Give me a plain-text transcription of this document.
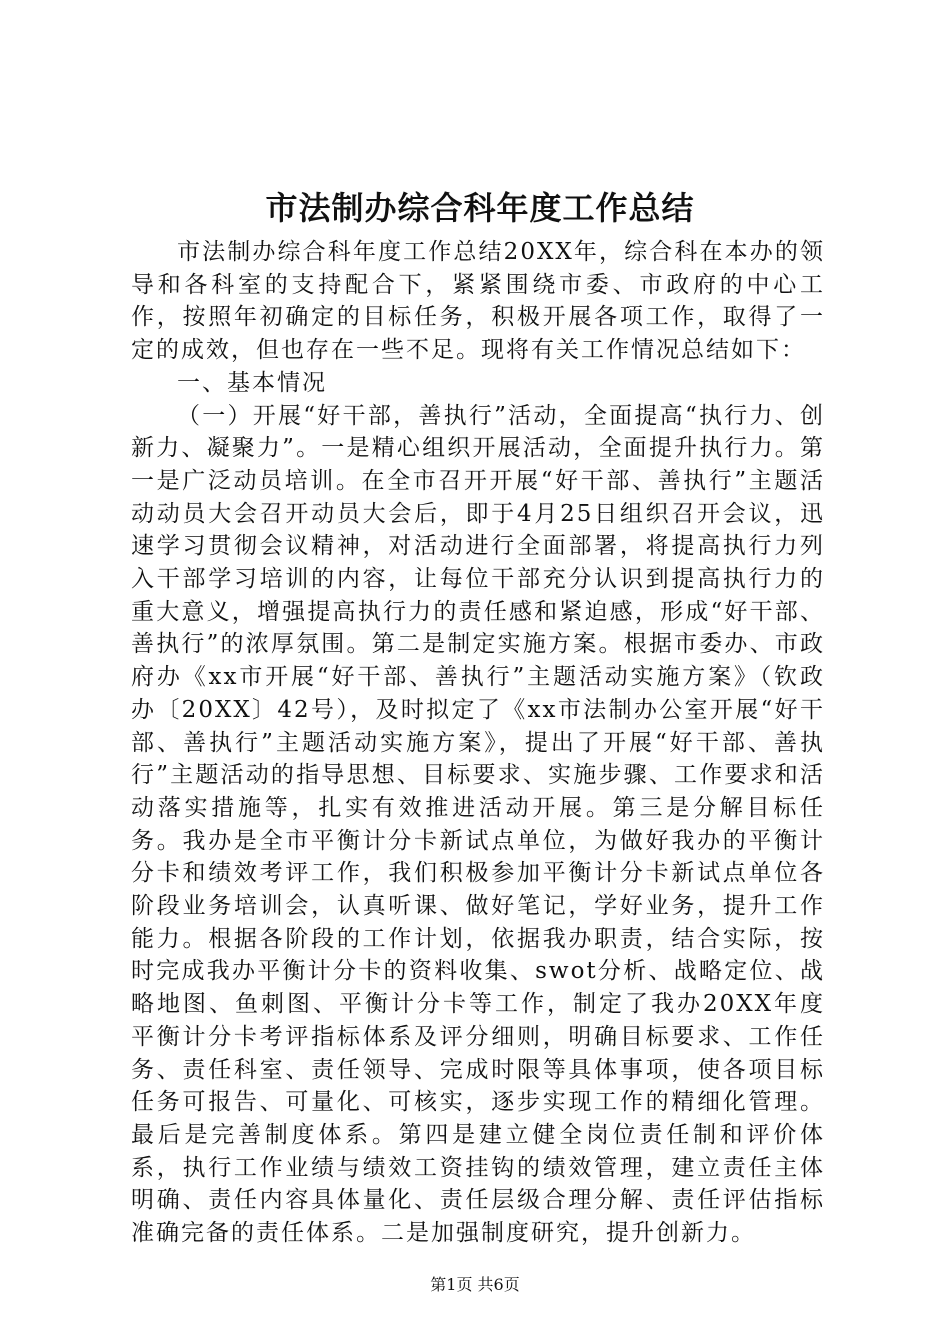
市法制办综合科年度工作总结

市法制办综合科年度工作总结20XX年，综合科在本办的领导和各科室的支持配合下，紧紧围绕市委、市政府的中心工作，按照年初确定的目标任务，积极开展各项工作，取得了一定的成效，但也存在一些不足。现将有关工作情况总结如下：

一、基本情况

（一）开展“好干部，善执行”活动，全面提高“执行力、创新力、凝聚力”。一是精心组织开展活动，全面提升执行力。第一是广泛动员培训。在全市召开开展“好干部、善执行”主题活动动员大会召开动员大会后，即于4月25日组织召开会议，迅速学习贯彻会议精神，对活动进行全面部署，将提高执行力列入干部学习培训的内容，让每位干部充分认识到提高执行力的重大意义，增强提高执行力的责任感和紧迫感，形成“好干部、善执行”的浓厚氛围。第二是制定实施方案。根据市委办、市政府办《xx市开展“好干部、善执行”主题活动实施方案》（钦政办〔20XX〕42号），及时拟定了《xx市法制办公室开展“好干部、善执行”主题活动实施方案》，提出了开展“好干部、善执行”主题活动的指导思想、目标要求、实施步骤、工作要求和活动落实措施等，扎实有效推进活动开展。第三是分解目标任务。我办是全市平衡计分卡新试点单位，为做好我办的平衡计分卡和绩效考评工作，我们积极参加平衡计分卡新试点单位各阶段业务培训会，认真听课、做好笔记，学好业务，提升工作能力。根据各阶段的工作计划，依据我办职责，结合实际，按时完成我办平衡计分卡的资料收集、swot分析、战略定位、战略地图、鱼刺图、平衡计分卡等工作，制定了我办20XX年度平衡计分卡考评指标体系及评分细则，明确目标要求、工作任务、责任科室、责任领导、完成时限等具体事项，使各项目标任务可报告、可量化、可核实，逐步实现工作的精细化管理。最后是完善制度体系。第四是建立健全岗位责任制和评价体系，执行工作业绩与绩效工资挂钩的绩效管理，建立责任主体明确、责任内容具体量化、责任层级合理分解、责任评估指标准确完备的责任体系。二是加强制度研究，提升创新力。

第1页 共6页
